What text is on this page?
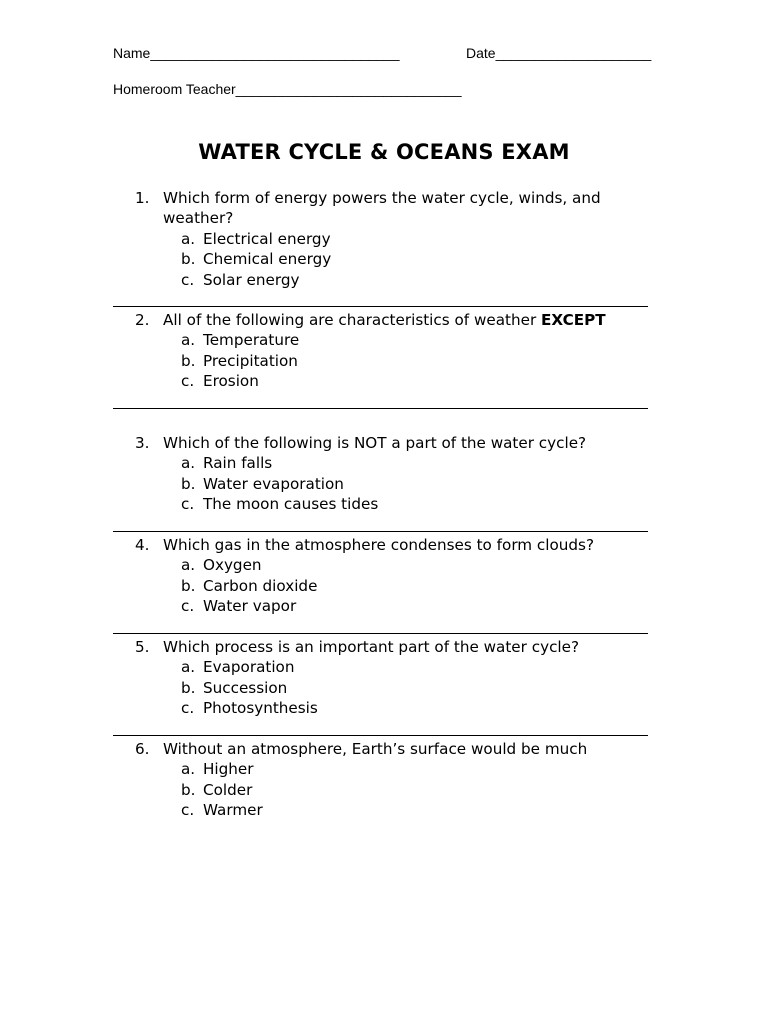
Name________________________________	Date____________________
Homeroom Teacher_____________________________
WATER CYCLE & OCEANS EXAM
1. Which form of energy powers the water cycle, winds, and weather?
a. Electrical energy
b. Chemical energy
c. Solar energy
2. All of the following are characteristics of weather EXCEPT
a. Temperature
b. Precipitation
c. Erosion
3. Which of the following is NOT a part of the water cycle?
a. Rain falls
b. Water evaporation
c. The moon causes tides
4. Which gas in the atmosphere condenses to form clouds?
a. Oxygen
b. Carbon dioxide
c. Water vapor
5. Which process is an important part of the water cycle?
a. Evaporation
b. Succession
c. Photosynthesis
6. Without an atmosphere, Earth’s surface would be much
a. Higher
b. Colder
c. Warmer
